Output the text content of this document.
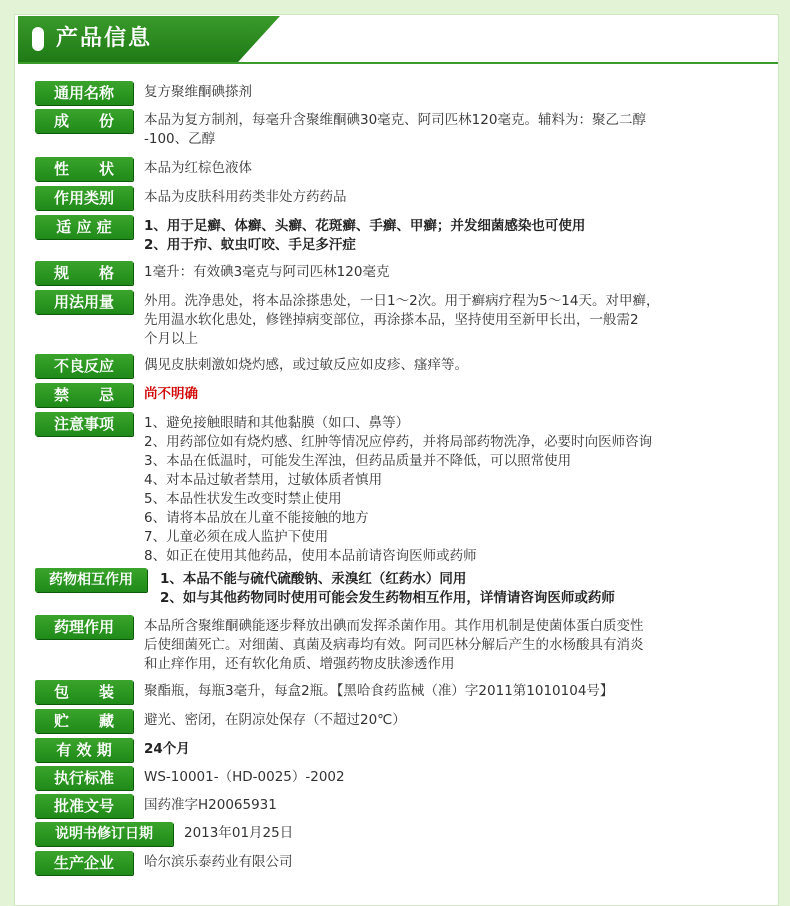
产品信息
通用名称	复方聚维酮碘搽剂
成　　份	本品为复方制剂，每毫升含聚维酮碘30毫克、阿司匹林120毫克。辅料为：聚乙二醇
-100、乙醇
性　　状	本品为红棕色液体
作用类别	本品为皮肤科用药类非处方药药品
适 应 症	1、用于足癣、体癣、头癣、花斑癣、手癣、甲癣；并发细菌感染也可使用
2、用于疖、蚊虫叮咬、手足多汗症
规　　格	1毫升：有效碘3毫克与阿司匹林120毫克
用法用量	外用。洗净患处，将本品涂搽患处，一日1～2次。用于癣病疗程为5～14天。对甲癣，
先用温水软化患处，修锉掉病变部位，再涂搽本品，坚持使用至新甲长出，一般需2
个月以上
不良反应	偶见皮肤刺激如烧灼感，或过敏反应如皮疹、瘙痒等。
禁　　忌	尚不明确
注意事项	1、避免接触眼睛和其他黏膜（如口、鼻等）
2、用药部位如有烧灼感、红肿等情况应停药，并将局部药物洗净，必要时向医师咨询
3、本品在低温时，可能发生浑浊，但药品质量并不降低，可以照常使用
4、对本品过敏者禁用，过敏体质者慎用
5、本品性状发生改变时禁止使用
6、请将本品放在儿童不能接触的地方
7、儿童必须在成人监护下使用
8、如正在使用其他药品，使用本品前请咨询医师或药师
药物相互作用	1、本品不能与硫代硫酸钠、汞溴红（红药水）同用
2、如与其他药物同时使用可能会发生药物相互作用，详情请咨询医师或药师
药理作用	本品所含聚维酮碘能逐步释放出碘而发挥杀菌作用。其作用机制是使菌体蛋白质变性
后使细菌死亡。对细菌、真菌及病毒均有效。阿司匹林分解后产生的水杨酸具有消炎
和止痒作用，还有软化角质、增强药物皮肤渗透作用
包　　装	聚酯瓶，每瓶3毫升，每盒2瓶。【黑哈食药监械（准）字2011第1010104号】
贮　　藏	避光、密闭，在阴凉处保存（不超过20℃）
有 效 期	24个月
执行标准	WS-10001-（HD-0025）-2002
批准文号	国药准字H20065931
说明书修订日期	2013年01月25日
生产企业	哈尔滨乐泰药业有限公司
